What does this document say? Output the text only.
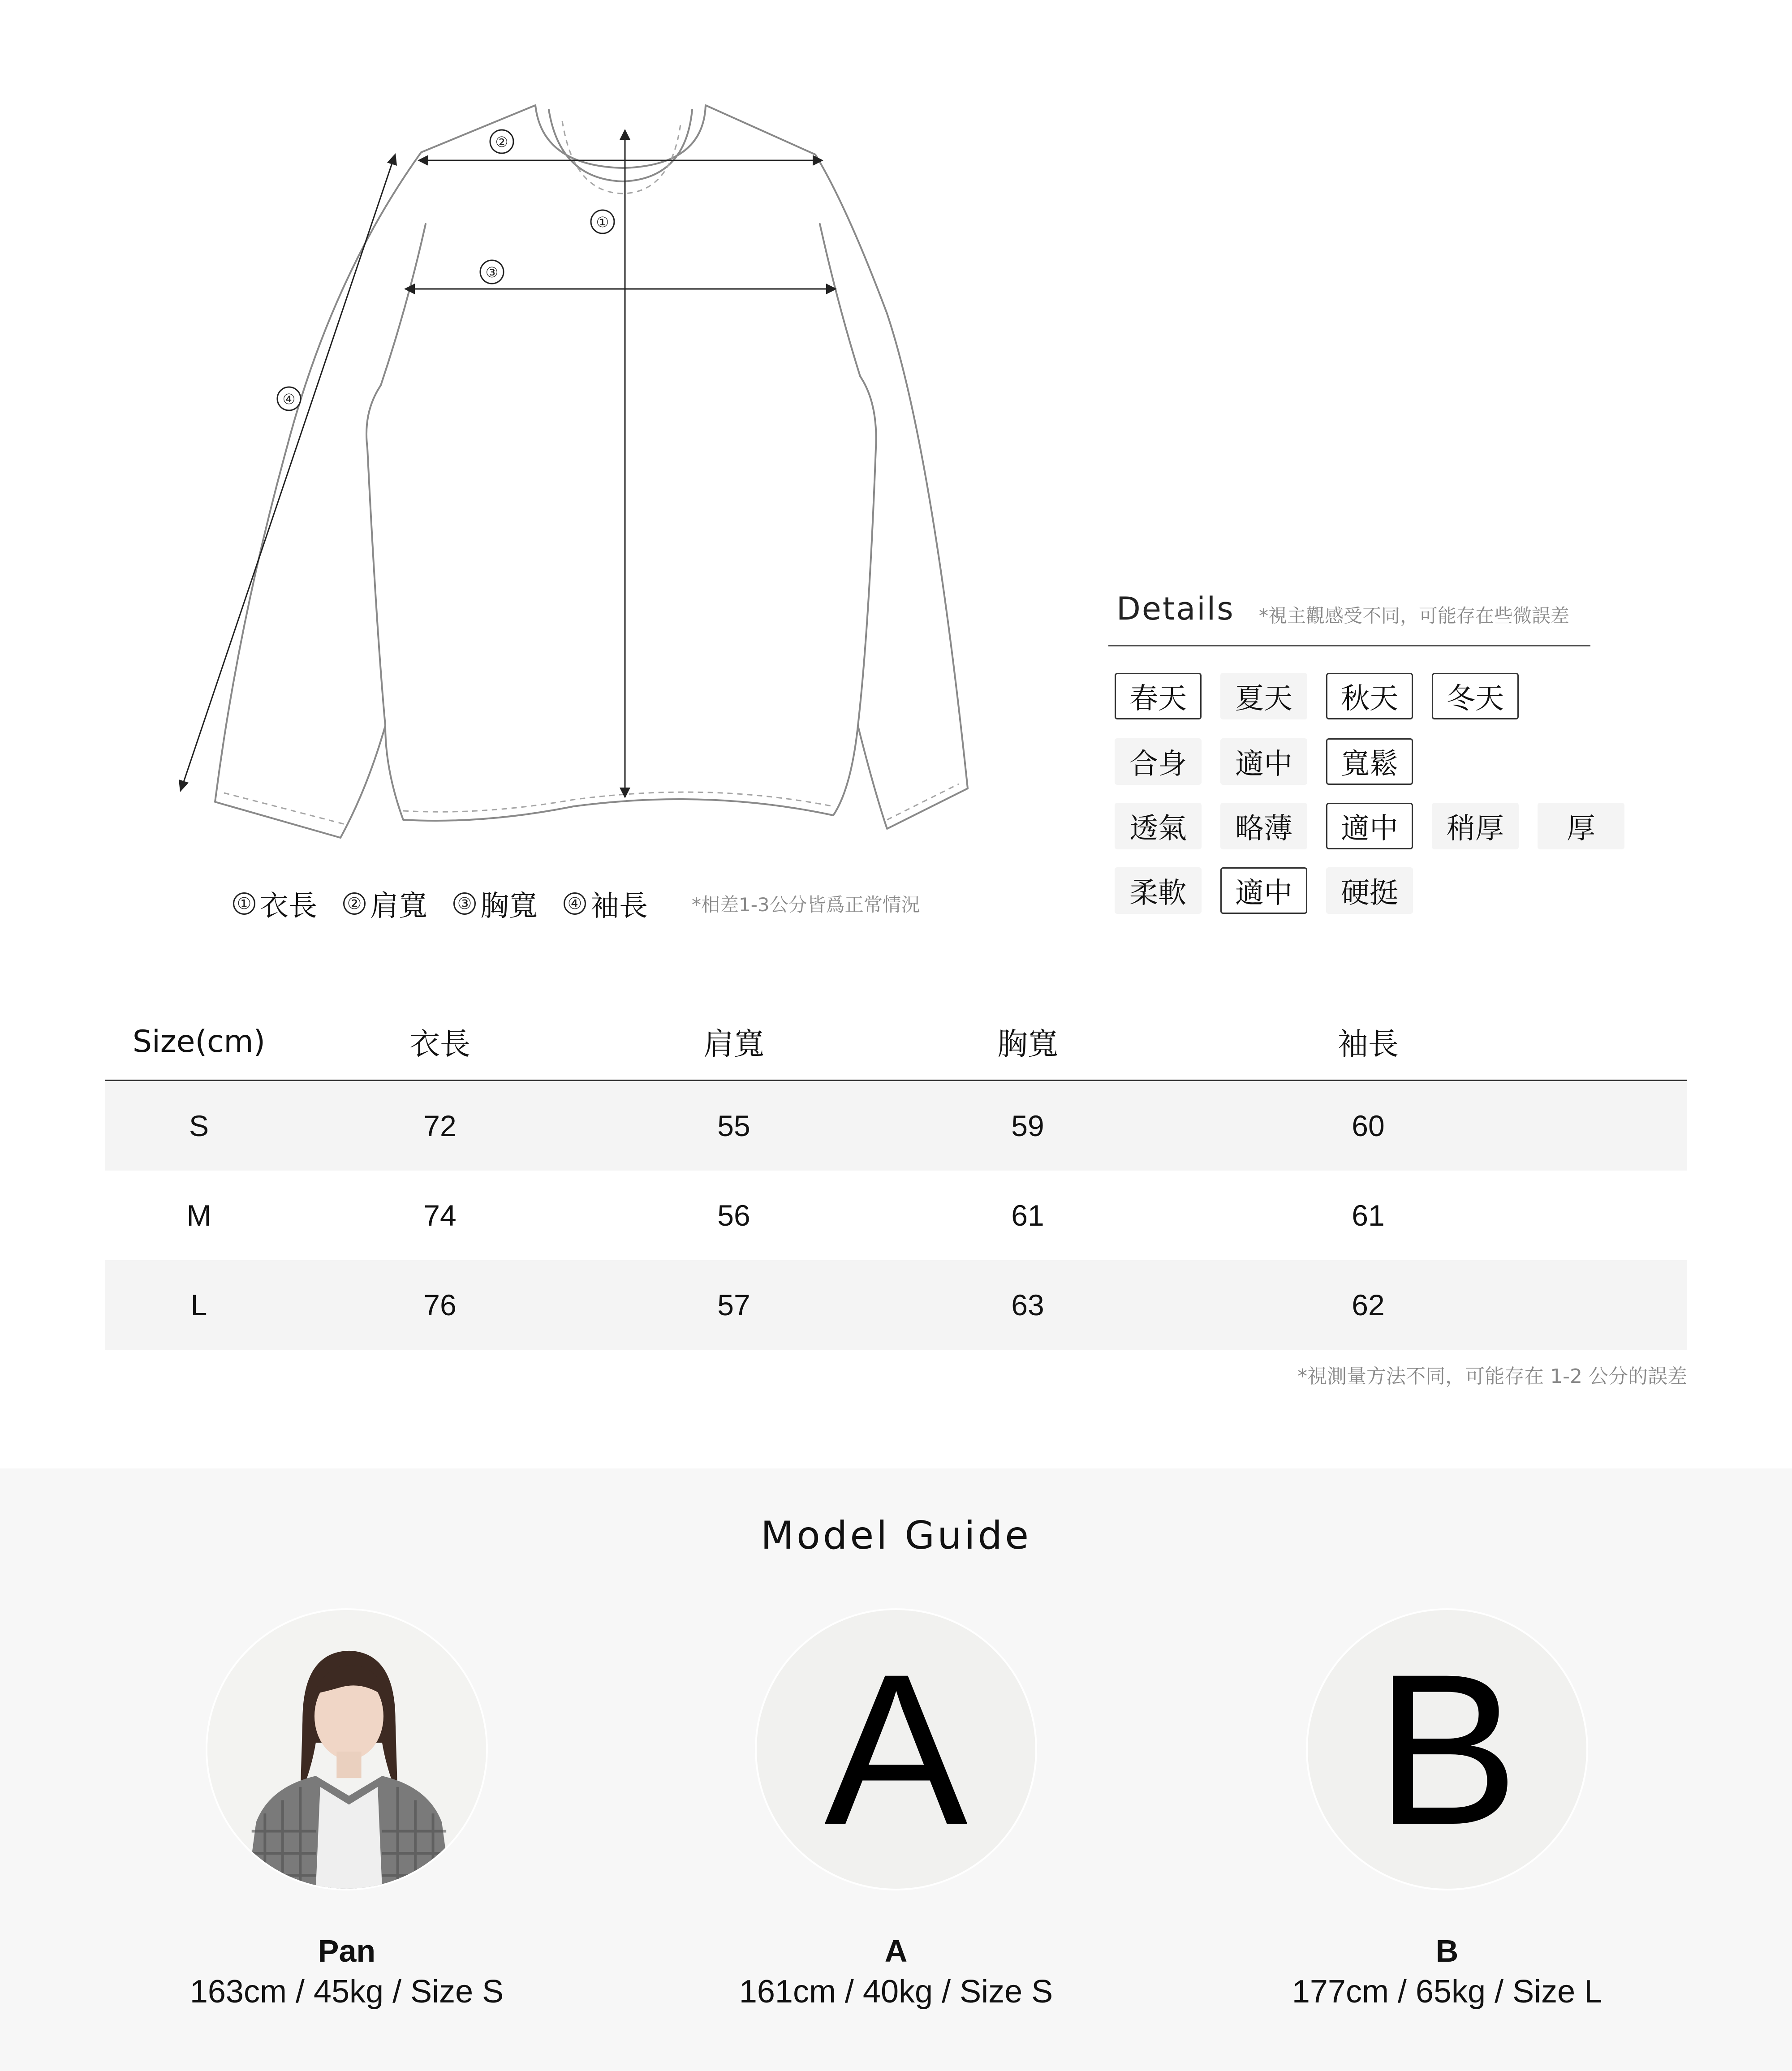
①
②
③
④
① 衣長 ② 肩寬 ③ 胸寬 ④ 袖長 *相差1-3公分皆爲正常情況
Details *視主觀感受不同，可能存在些微誤差
春天	夏天	秋天	冬天
合身	適中	寬鬆
透氣	略薄	適中	稍厚	厚
柔軟	適中	硬挺
Size(cm)	衣長	肩寬	胸寬	袖長
S	72	55	59	60
M	74	56	61	61
L	76	57	63	62
*視測量方法不同，可能存在 1-2 公分的誤差
Model Guide
Pan
163cm / 45kg / Size S
A
A
161cm / 40kg / Size S
B
B
177cm / 65kg / Size L
